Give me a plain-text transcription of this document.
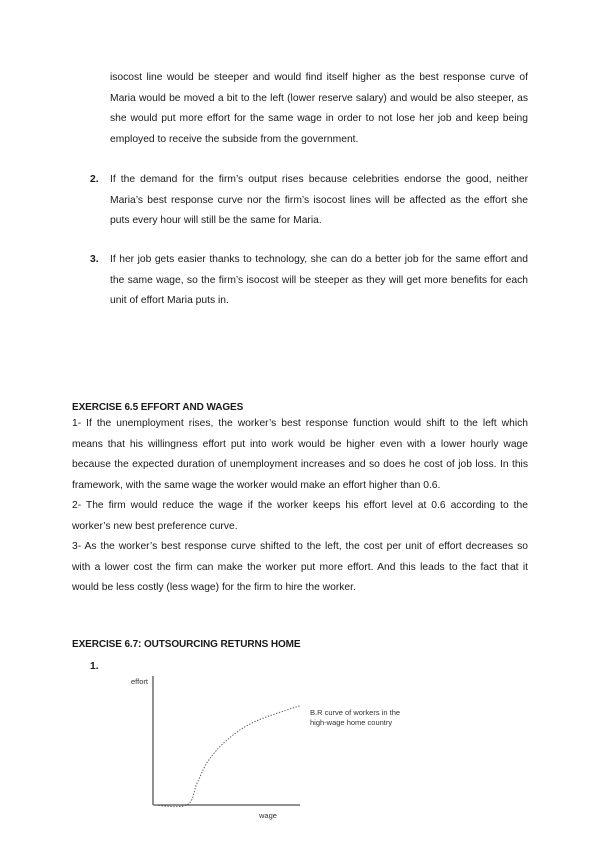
isocost line would be steeper and would find itself higher as the best response curve of Maria would be moved a bit to the left (lower reserve salary) and would be also steeper, as she would put more effort for the same wage in order to not lose her job and keep being employed to receive the subside from the government.

2. If the demand for the firm’s output rises because celebrities endorse the good, neither Maria’s best response curve nor the firm’s isocost lines will be affected as the effort she puts every hour will still be the same for Maria.

3. If her job gets easier thanks to technology, she can do a better job for the same effort and the same wage, so the firm’s isocost will be steeper as they will get more benefits for each unit of effort Maria puts in.

EXERCISE 6.5 EFFORT AND WAGES

1- If the unemployment rises, the worker’s best response function would shift to the left which means that his willingness effort put into work would be higher even with a lower hourly wage because the expected duration of unemployment increases and so does he cost of job loss. In this framework, with the same wage the worker would make an effort higher than 0.6.
2- The firm would reduce the wage if the worker keeps his effort level at 0.6 according to the worker’s new best preference curve.
3- As the worker’s best response curve shifted to the left, the cost per unit of effort decreases so with a lower cost the firm can make the worker put more effort. And this leads to the fact that it would be less costly (less wage) for the firm to hire the worker.

EXERCISE 6.7: OUTSOURCING RETURNS HOME
1.
effort
wage
B.R curve of workers in the
high-wage home country
